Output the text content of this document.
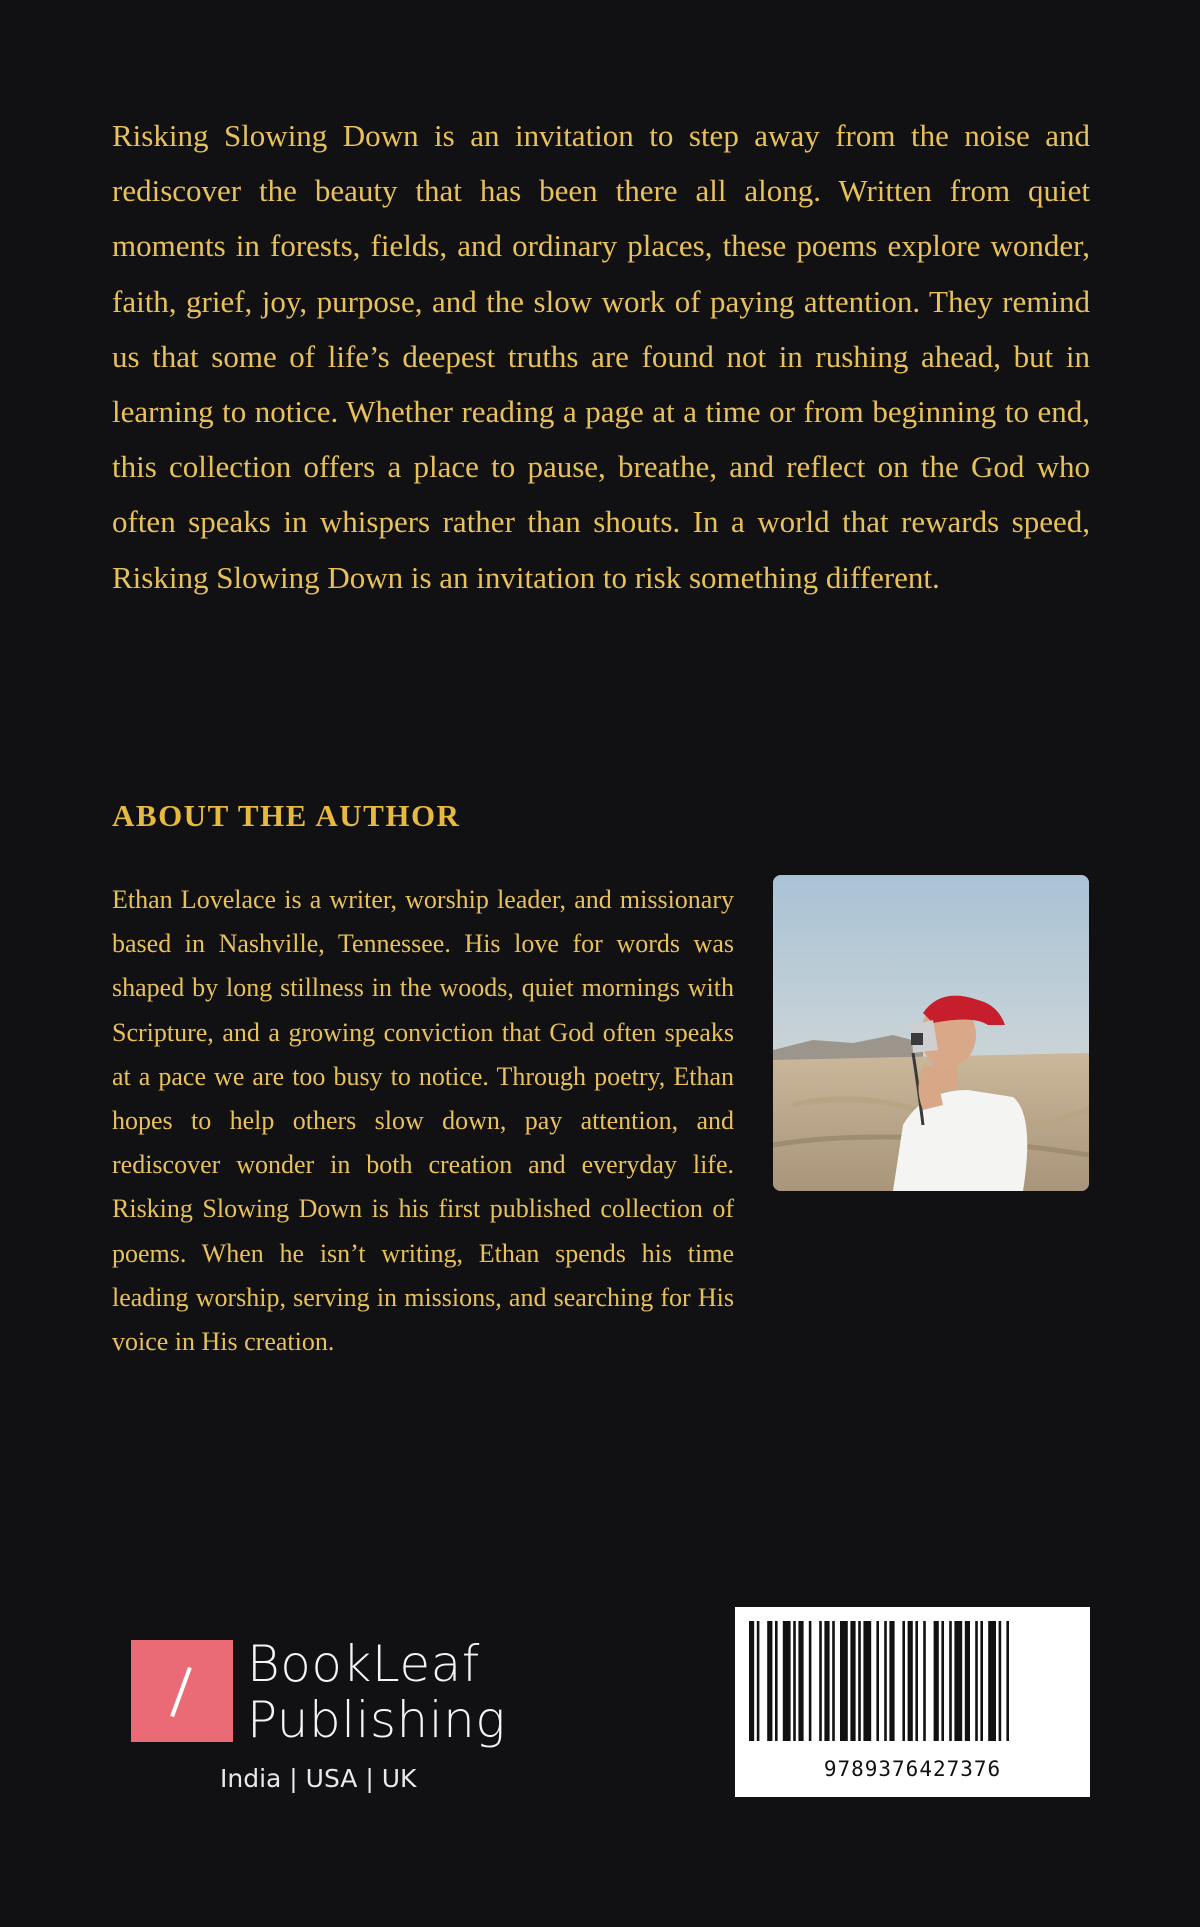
Risking Slowing Down is an invitation to step away from the noise and rediscover the beauty that has been there all along. Written from quiet moments in forests, fields, and ordinary places, these poems explore wonder, faith, grief, joy, purpose, and the slow work of paying attention. They remind us that some of life’s deepest truths are found not in rushing ahead, but in learning to notice. Whether reading a page at a time or from beginning to end, this collection offers a place to pause, breathe, and reflect on the God who often speaks in whispers rather than shouts. In a world that rewards speed, Risking Slowing Down is an invitation to risk something different.

ABOUT THE AUTHOR

Ethan Lovelace is a writer, worship leader, and missionary based in Nashville, Tennessee. His love for words was shaped by long stillness in the woods, quiet mornings with Scripture, and a growing conviction that God often speaks at a pace we are too busy to notice. Through poetry, Ethan hopes to help others slow down, pay attention, and rediscover wonder in both creation and everyday life. Risking Slowing Down is his first published collection of poems. When he isn’t writing, Ethan spends his time leading worship, serving in missions, and searching for His voice in His creation.

BookLeaf
Publishing
India | USA | UK	9789376427376
